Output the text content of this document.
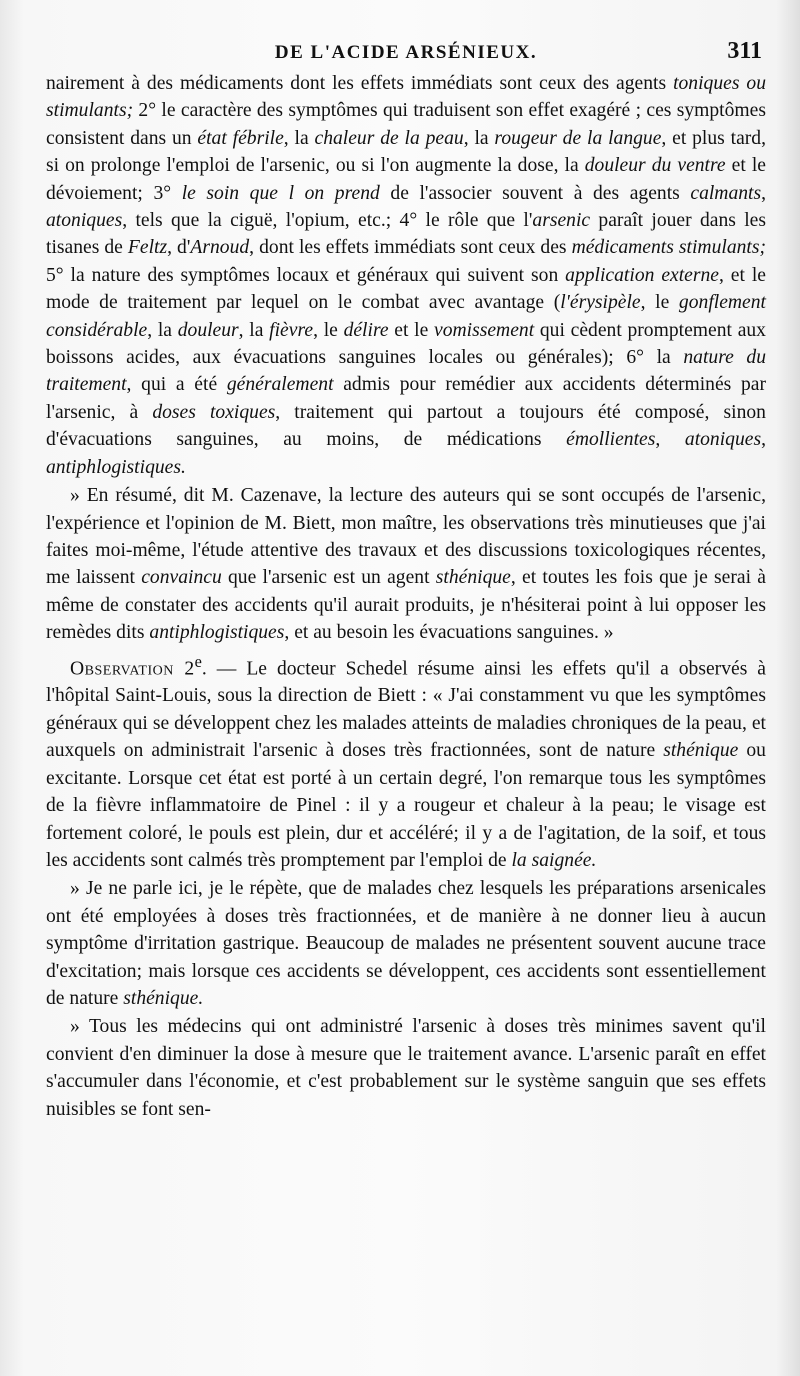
DE L'ACIDE ARSÉNIEUX.	311

nairement à des médicaments dont les effets immédiats sont ceux des agents toniques ou stimulants; 2° le caractère des symptômes qui traduisent son effet exagéré ; ces symptômes consistent dans un état fébrile, la chaleur de la peau, la rougeur de la langue, et plus tard, si on prolonge l'emploi de l'arsenic, ou si l'on augmente la dose, la douleur du ventre et le dévoiement; 3° le soin que l on prend de l'associer souvent à des agents calmants, atoniques, tels que la ciguë, l'opium, etc.; 4° le rôle que l'arsenic paraît jouer dans les tisanes de Feltz, d'Arnoud, dont les effets immédiats sont ceux des médicaments stimulants; 5° la nature des symptômes locaux et généraux qui suivent son application externe, et le mode de traitement par lequel on le combat avec avantage (l'érysipèle, le gonflement considérable, la douleur, la fièvre, le délire et le vomissement qui cèdent promptement aux boissons acides, aux évacuations sanguines locales ou générales); 6° la nature du traitement, qui a été généralement admis pour remédier aux accidents déterminés par l'arsenic, à doses toxiques, traitement qui partout a toujours été composé, sinon d'évacuations sanguines, au moins, de médications émollientes, atoniques, antiphlogistiques.

» En résumé, dit M. Cazenave, la lecture des auteurs qui se sont occupés de l'arsenic, l'expérience et l'opinion de M. Biett, mon maître, les observations très minutieuses que j'ai faites moi-même, l'étude attentive des travaux et des discussions toxicologiques récentes, me laissent convaincu que l'arsenic est un agent sthénique, et toutes les fois que je serai à même de constater des accidents qu'il aurait produits, je n'hésiterai point à lui opposer les remèdes dits antiphlogistiques, et au besoin les évacuations sanguines. »

Observation 2e. — Le docteur Schedel résume ainsi les effets qu'il a observés à l'hôpital Saint-Louis, sous la direction de Biett : « J'ai constamment vu que les symptômes généraux qui se développent chez les malades atteints de maladies chroniques de la peau, et auxquels on administrait l'arsenic à doses très fractionnées, sont de nature sthénique ou excitante. Lorsque cet état est porté à un certain degré, l'on remarque tous les symptômes de la fièvre inflammatoire de Pinel : il y a rougeur et chaleur à la peau; le visage est fortement coloré, le pouls est plein, dur et accéléré; il y a de l'agitation, de la soif, et tous les accidents sont calmés très promptement par l'emploi de la saignée.

» Je ne parle ici, je le répète, que de malades chez lesquels les préparations arsenicales ont été employées à doses très fractionnées, et de manière à ne donner lieu à aucun symptôme d'irritation gastrique. Beaucoup de malades ne présentent souvent aucune trace d'excitation; mais lorsque ces accidents se développent, ces accidents sont essentiellement de nature sthénique.

» Tous les médecins qui ont administré l'arsenic à doses très minimes savent qu'il convient d'en diminuer la dose à mesure que le traitement avance. L'arsenic paraît en effet s'accumuler dans l'économie, et c'est probablement sur le système sanguin que ses effets nuisibles se font sen-
